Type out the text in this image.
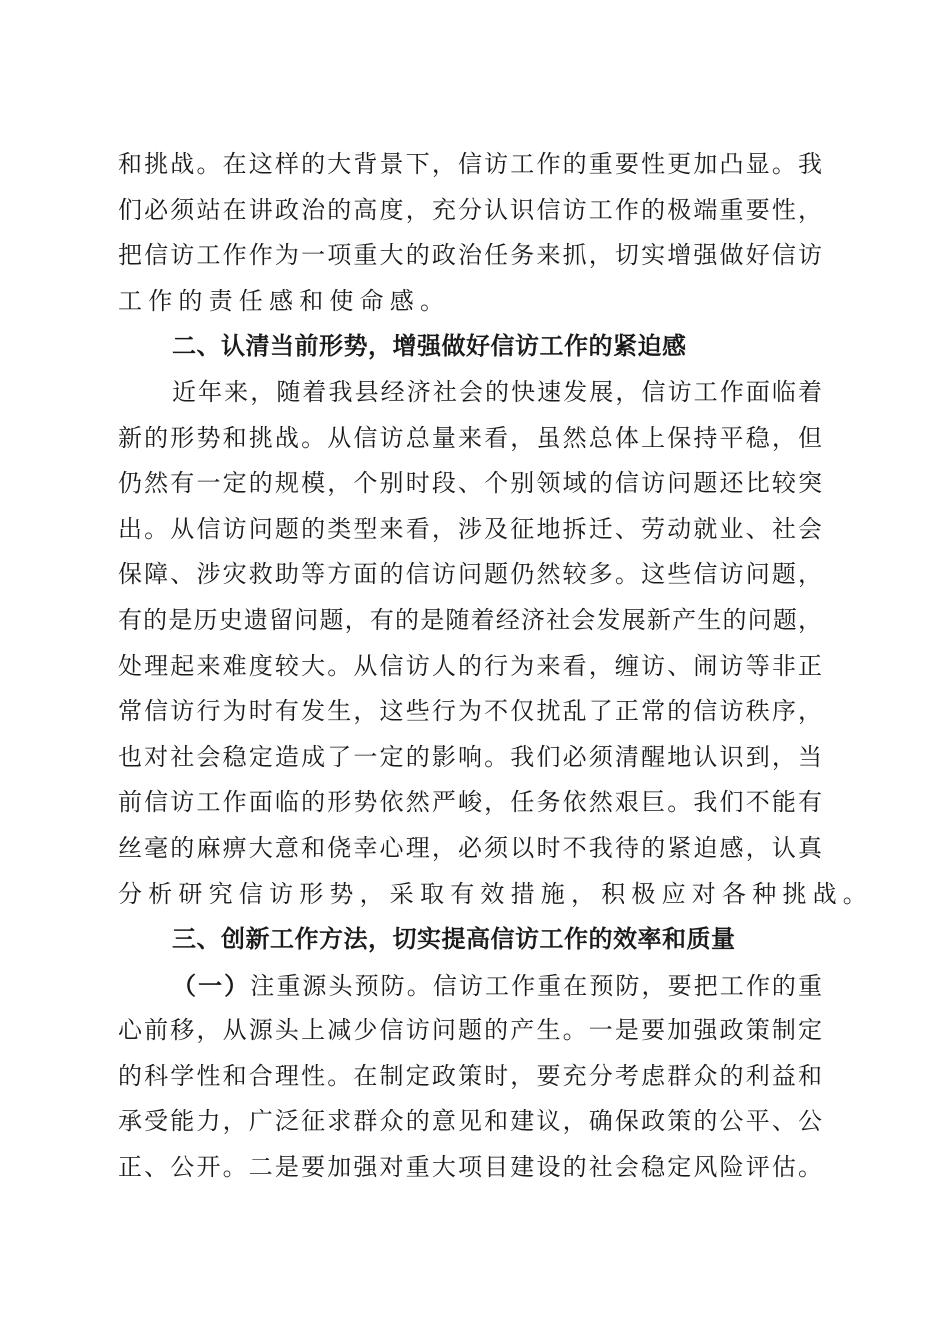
和挑战。在这样的大背景下，信访工作的重要性更加凸显。我
们必须站在讲政治的高度，充分认识信访工作的极端重要性，
把信访工作作为一项重大的政治任务来抓，切实增强做好信访
工作的责任感和使命感。
二、认清当前形势，增强做好信访工作的紧迫感
近年来，随着我县经济社会的快速发展，信访工作面临着
新的形势和挑战。从信访总量来看，虽然总体上保持平稳，但
仍然有一定的规模，个别时段、个别领域的信访问题还比较突
出。从信访问题的类型来看，涉及征地拆迁、劳动就业、社会
保障、涉灾救助等方面的信访问题仍然较多。这些信访问题，
有的是历史遗留问题，有的是随着经济社会发展新产生的问题，
处理起来难度较大。从信访人的行为来看，缠访、闹访等非正
常信访行为时有发生，这些行为不仅扰乱了正常的信访秩序，
也对社会稳定造成了一定的影响。我们必须清醒地认识到，当
前信访工作面临的形势依然严峻，任务依然艰巨。我们不能有
丝毫的麻痹大意和侥幸心理，必须以时不我待的紧迫感，认真
分析研究信访形势，采取有效措施，积极应对各种挑战。
三、创新工作方法，切实提高信访工作的效率和质量
（一）注重源头预防。信访工作重在预防，要把工作的重
心前移，从源头上减少信访问题的产生。一是要加强政策制定
的科学性和合理性。在制定政策时，要充分考虑群众的利益和
承受能力，广泛征求群众的意见和建议，确保政策的公平、公
正、公开。二是要加强对重大项目建设的社会稳定风险评估。
